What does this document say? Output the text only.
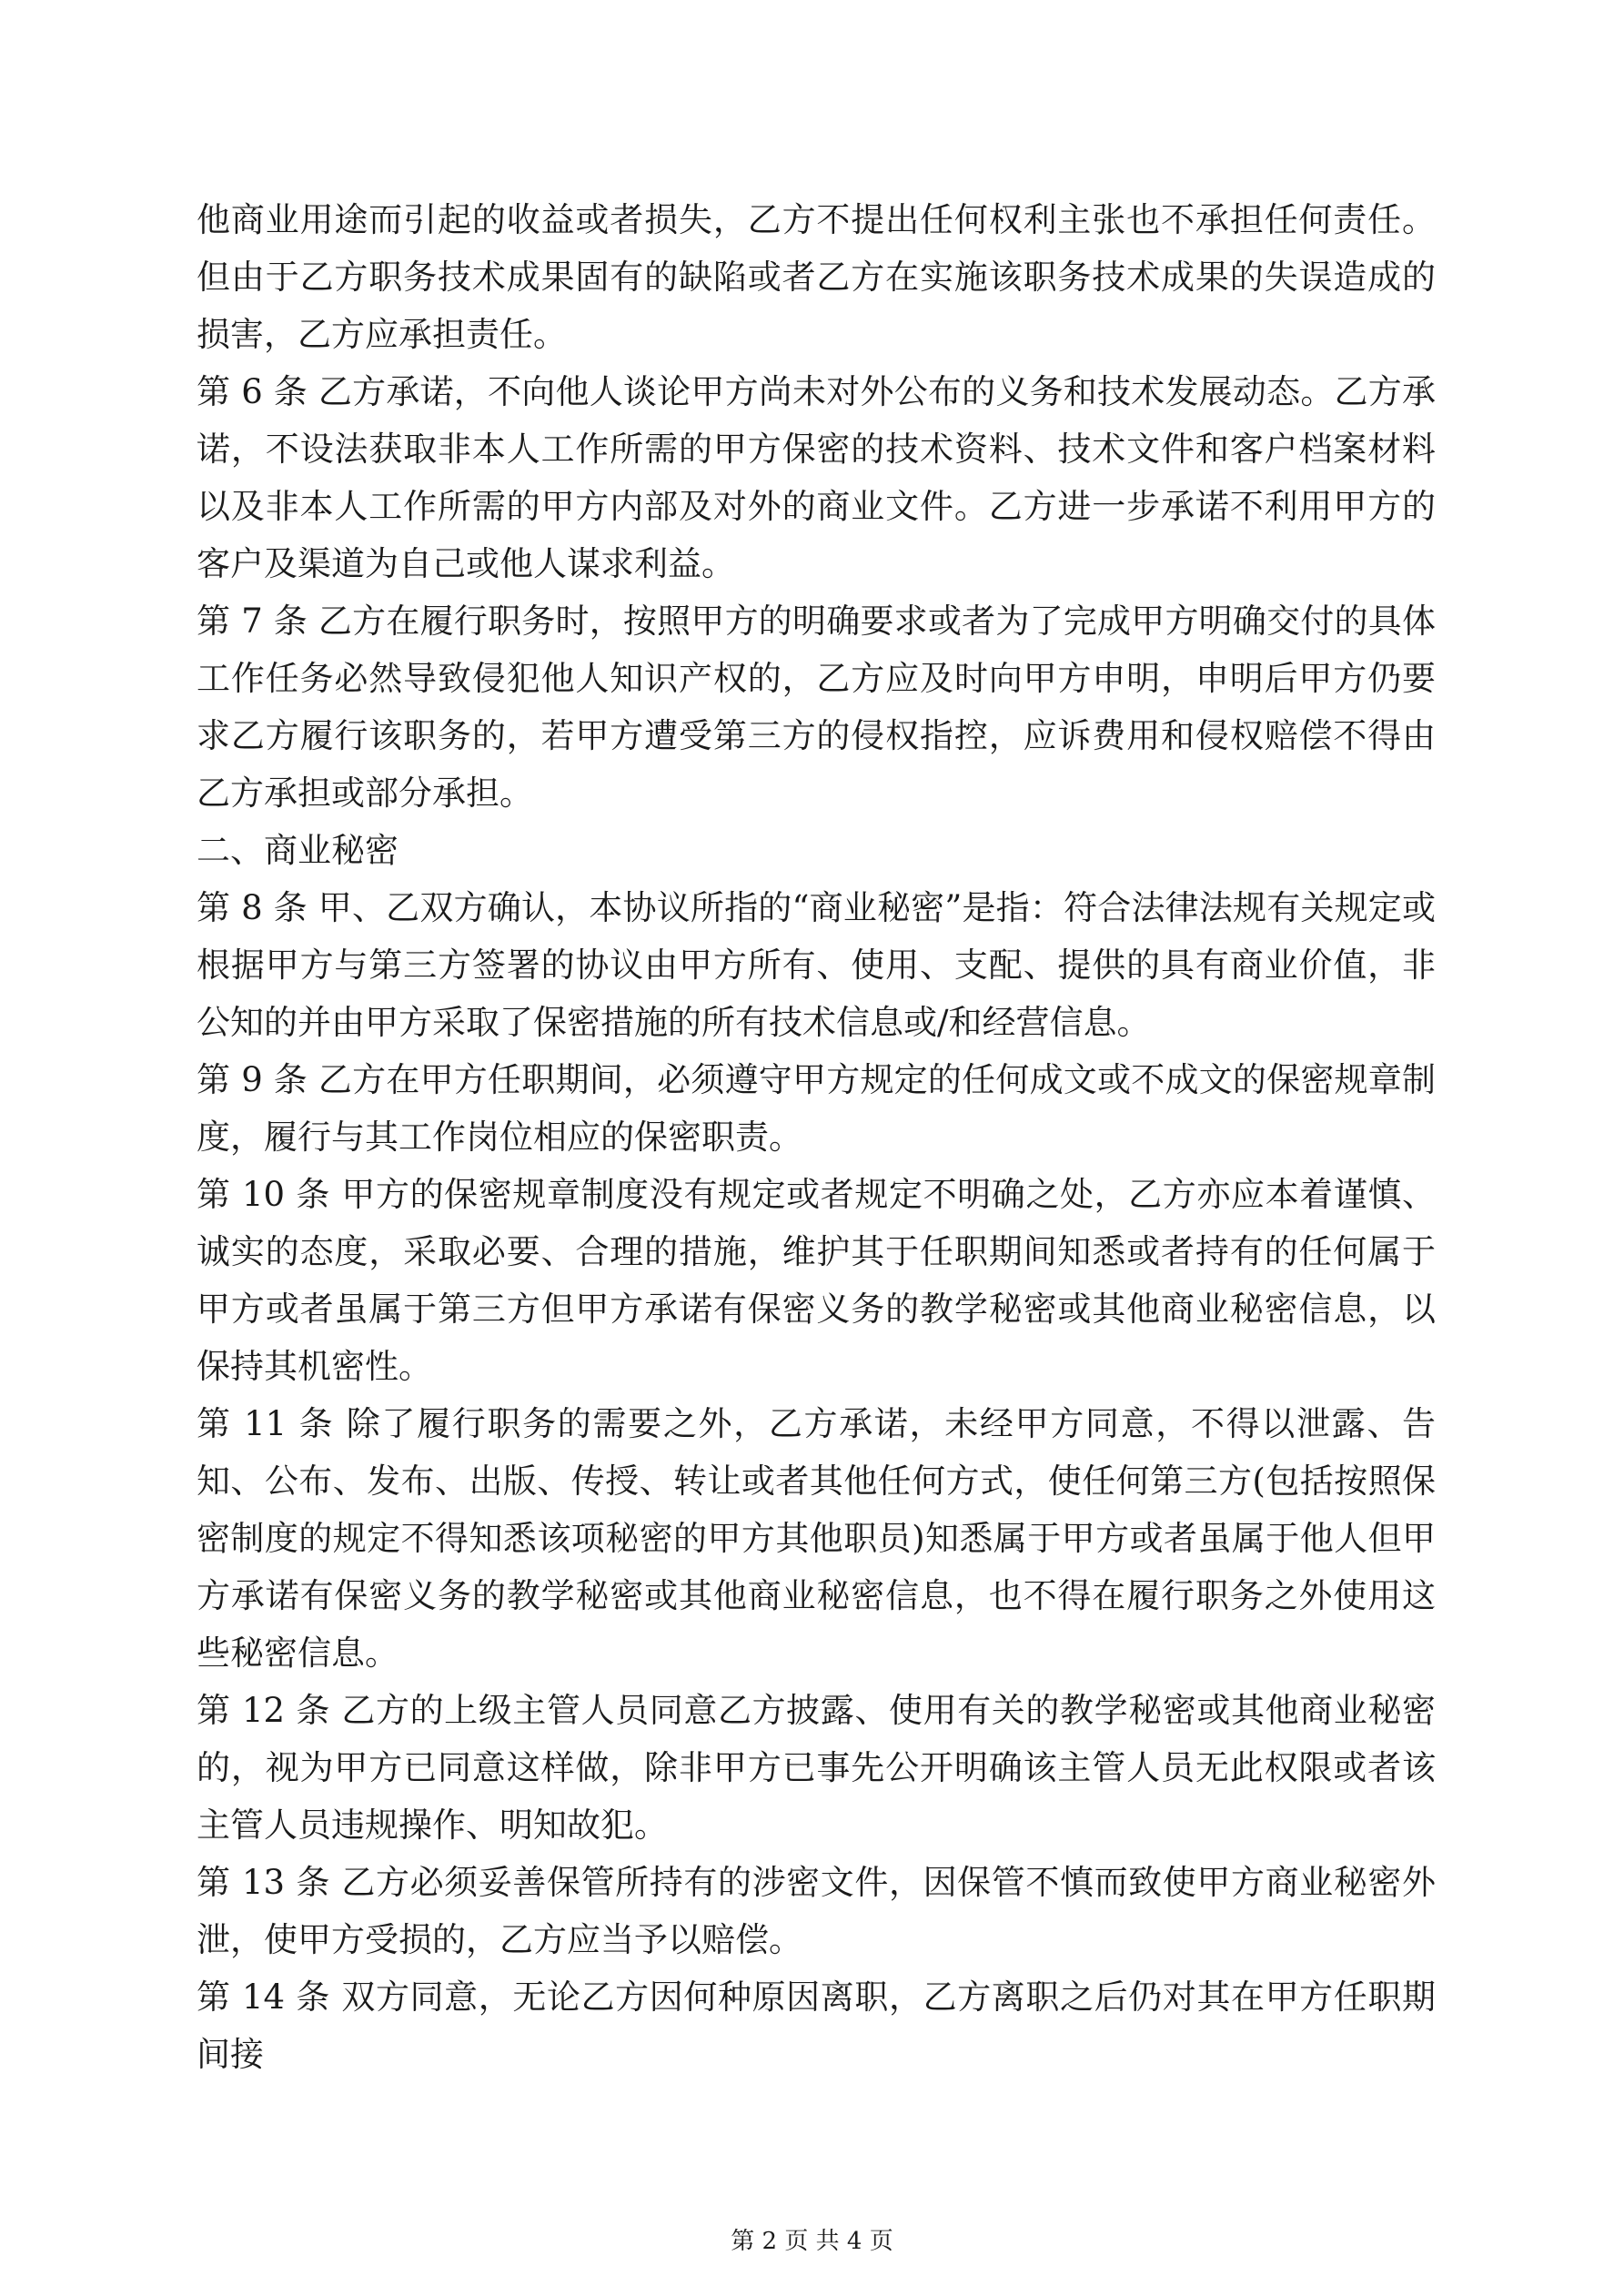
他商业用途而引起的收益或者损失，乙方不提出任何权利主张也不承担任何责任。但由于乙方职务技术成果固有的缺陷或者乙方在实施该职务技术成果的失误造成的损害，乙方应承担责任。

第 6 条 乙方承诺，不向他人谈论甲方尚未对外公布的义务和技术发展动态。乙方承诺，不设法获取非本人工作所需的甲方保密的技术资料、技术文件和客户档案材料以及非本人工作所需的甲方内部及对外的商业文件。乙方进一步承诺不利用甲方的客户及渠道为自己或他人谋求利益。

第 7 条 乙方在履行职务时，按照甲方的明确要求或者为了完成甲方明确交付的具体工作任务必然导致侵犯他人知识产权的，乙方应及时向甲方申明，申明后甲方仍要求乙方履行该职务的，若甲方遭受第三方的侵权指控，应诉费用和侵权赔偿不得由乙方承担或部分承担。

二、商业秘密

第 8 条 甲、乙双方确认，本协议所指的“商业秘密”是指：符合法律法规有关规定或根据甲方与第三方签署的协议由甲方所有、使用、支配、提供的具有商业价值，非公知的并由甲方采取了保密措施的所有技术信息或/和经营信息。

第 9 条 乙方在甲方任职期间，必须遵守甲方规定的任何成文或不成文的保密规章制度，履行与其工作岗位相应的保密职责。

第 10 条 甲方的保密规章制度没有规定或者规定不明确之处，乙方亦应本着谨慎、诚实的态度，采取必要、合理的措施，维护其于任职期间知悉或者持有的任何属于甲方或者虽属于第三方但甲方承诺有保密义务的教学秘密或其他商业秘密信息，以保持其机密性。

第 11 条 除了履行职务的需要之外，乙方承诺，未经甲方同意，不得以泄露、告知、公布、发布、出版、传授、转让或者其他任何方式，使任何第三方(包括按照保密制度的规定不得知悉该项秘密的甲方其他职员)知悉属于甲方或者虽属于他人但甲方承诺有保密义务的教学秘密或其他商业秘密信息，也不得在履行职务之外使用这些秘密信息。

第 12 条 乙方的上级主管人员同意乙方披露、使用有关的教学秘密或其他商业秘密的，视为甲方已同意这样做，除非甲方已事先公开明确该主管人员无此权限或者该主管人员违规操作、明知故犯。

第 13 条 乙方必须妥善保管所持有的涉密文件，因保管不慎而致使甲方商业秘密外泄，使甲方受损的，乙方应当予以赔偿。

第 14 条 双方同意，无论乙方因何种原因离职，乙方离职之后仍对其在甲方任职期间接

第 2 页 共 4 页
